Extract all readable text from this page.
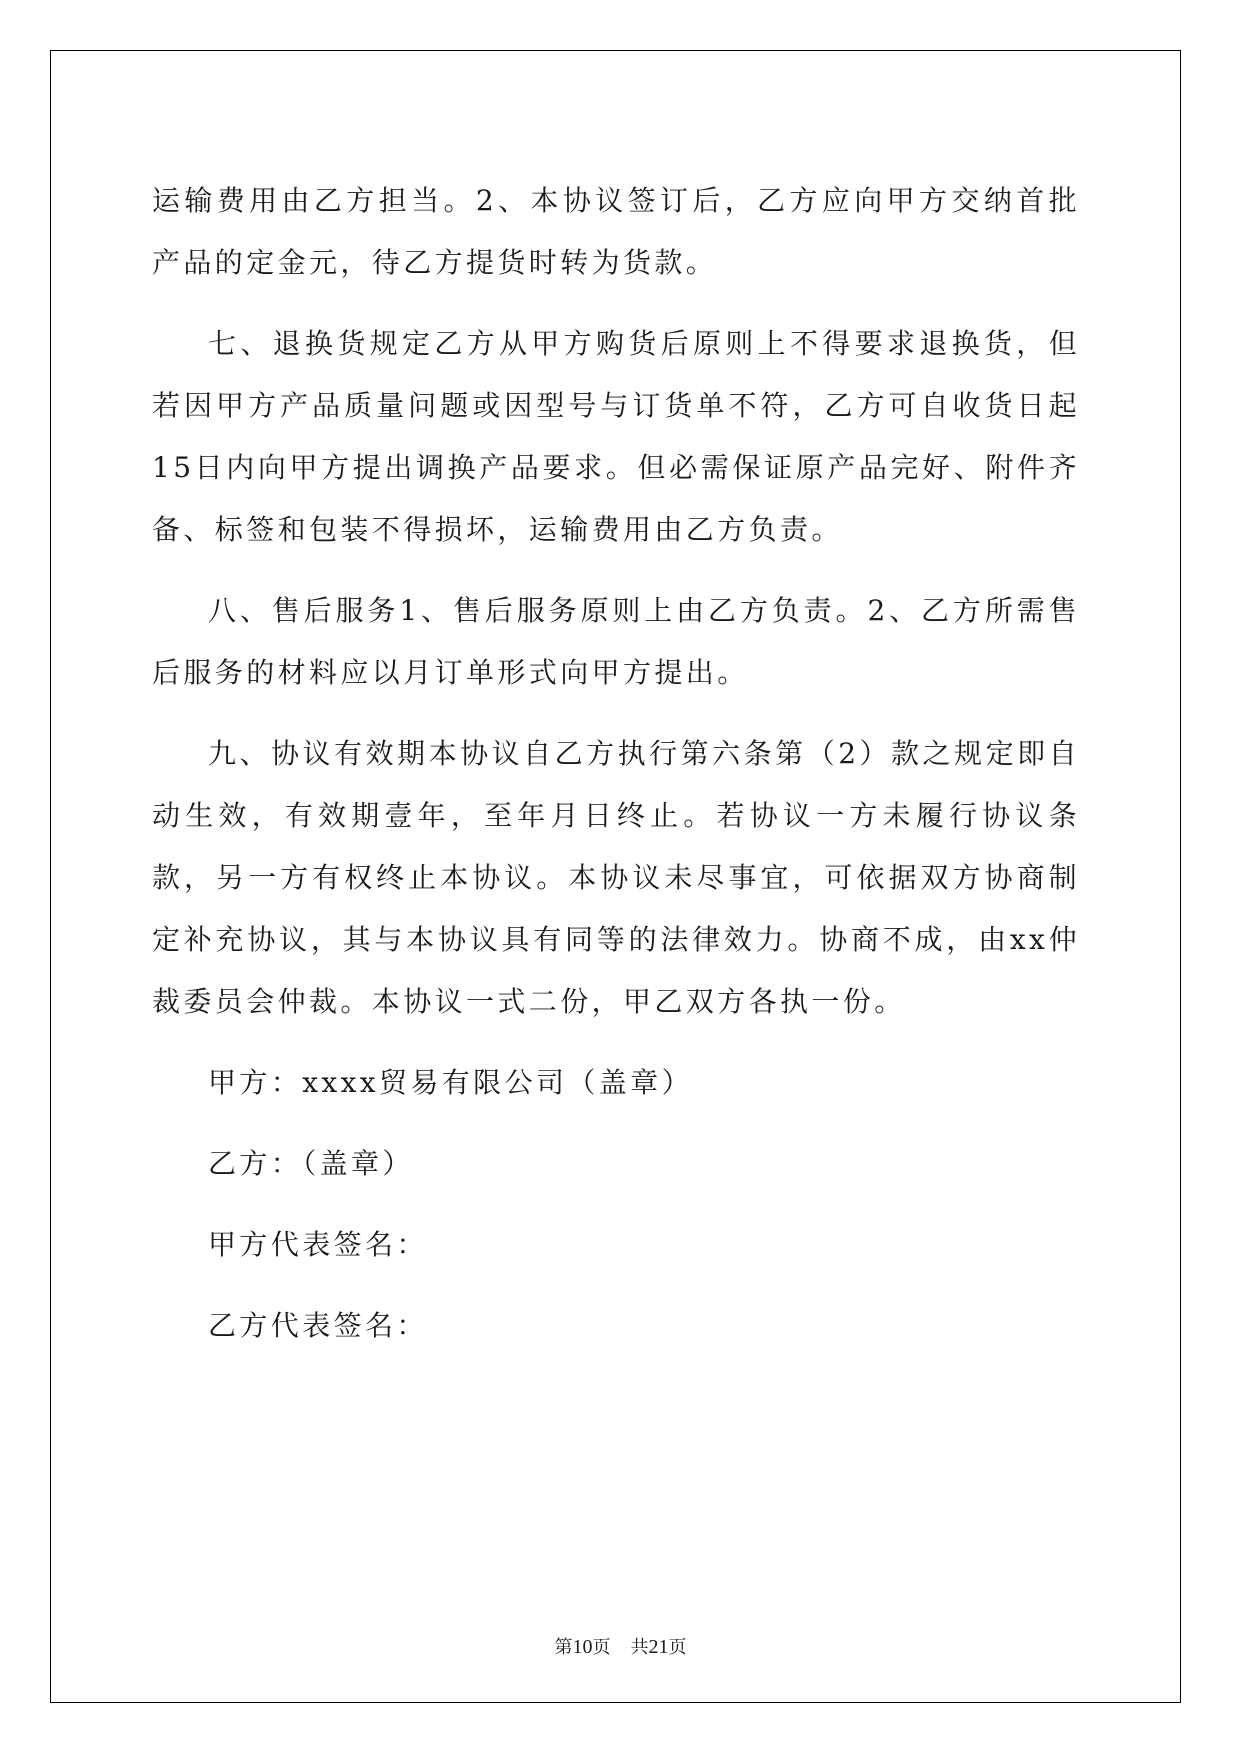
运输费用由乙方担当。2、本协议签订后，乙方应向甲方交纳首批产品的定金元，待乙方提货时转为货款。

七、退换货规定乙方从甲方购货后原则上不得要求退换货，但若因甲方产品质量问题或因型号与订货单不符，乙方可自收货日起15日内向甲方提出调换产品要求。但必需保证原产品完好、附件齐备、标签和包装不得损坏，运输费用由乙方负责。

八、售后服务1、售后服务原则上由乙方负责。2、乙方所需售后服务的材料应以月订单形式向甲方提出。

九、协议有效期本协议自乙方执行第六条第（2）款之规定即自动生效，有效期壹年，至年月日终止。若协议一方未履行协议条款，另一方有权终止本协议。本协议未尽事宜，可依据双方协商制定补充协议，其与本协议具有同等的法律效力。协商不成，由xx仲裁委员会仲裁。本协议一式二份，甲乙双方各执一份。

甲方：xxxx贸易有限公司（盖章）

乙方：（盖章）

甲方代表签名：

乙方代表签名：

第10页 共21页
